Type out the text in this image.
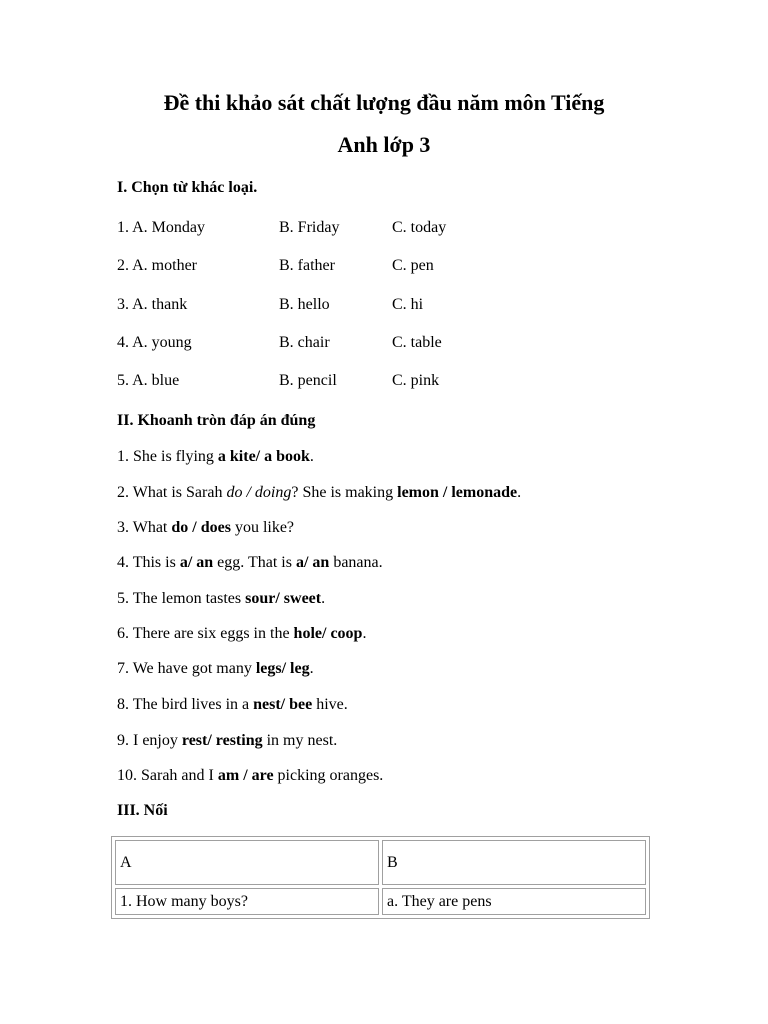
Đề thi khảo sát chất lượng đầu năm môn Tiếng
Anh lớp 3
I. Chọn từ khác loại.
1. A. Monday	B. Friday	C. today
2. A. mother	B. father	C. pen
3. A. thank	B. hello	C. hi
4. A. young	B. chair	C. table
5. A. blue	B. pencil	C. pink
II. Khoanh tròn đáp án đúng
1. She is flying a kite/ a book.
2. What is Sarah do / doing? She is making lemon / lemonade.
3. What do / does you like?
4. This is a/ an egg. That is a/ an banana.
5. The lemon tastes sour/ sweet.
6. There are six eggs in the hole/ coop.
7. We have got many legs/ leg.
8. The bird lives in a nest/ bee hive.
9. I enjoy rest/ resting in my nest.
10. Sarah and I am / are picking oranges.
III. Nối
A	B
1. How many boys?	a. They are pens
